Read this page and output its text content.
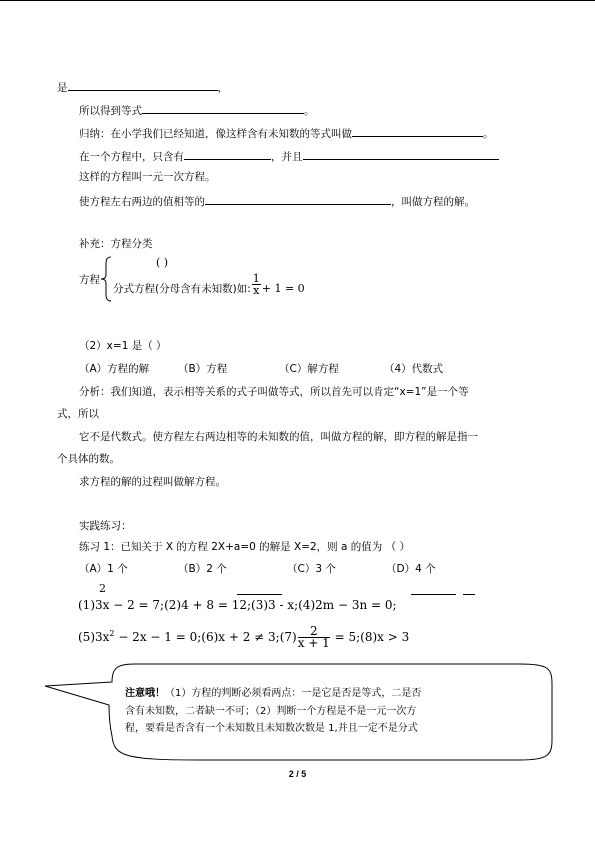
是	，
所以得到等式	。
归纳：在小学我们已经知道，像这样含有未知数的等式叫做	。
在一个方程中，只含有	，并且
这样的方程叫一元一次方程。
使方程左右两边的值相等的	，叫做方程的解。
补充：方程分类
方程
( )
分式方程(分母含有未知数)如: $\frac{1}{x} + 1 = 0$
（2）x=1 是（ ）
（A）方程的解	（B）方程	（C）解方程	（4）代数式
分析：我们知道，表示相等关系的式子叫做等式，所以首先可以肯定“x=1”是一个等
式，所以
它不是代数式。使方程左右两边相等的未知数的值，叫做方程的解，即方程的解是指一
个具体的数。
求方程的解的过程叫做解方程。
实践练习：
练习 1：已知关于 X 的方程 2X+a=0 的解是 X=2，则 a 的值为 （ ）
（A）1 个	（B）2 个	（C）3 个	（D）4 个
2
(1)3x − 2 = 7;(2)4 + 8 = 12;(3)3 - x;(4)2m − 3n = 0;
$(5)3x^2 - 2x - 1$ = 0;(6)x + 2 ≠ 3;(7) $\frac{2}{x + 1}$ = 5;(8)x > 3
注意哦！（1）方程的判断必须看两点：一是它是否是等式，二是否
含有未知数，二者缺一不可；（2）判断一个方程是不是一元一次方
程，要看是否含有一个未知数且未知数次数是 1,并且一定不是分式
2 / 5
